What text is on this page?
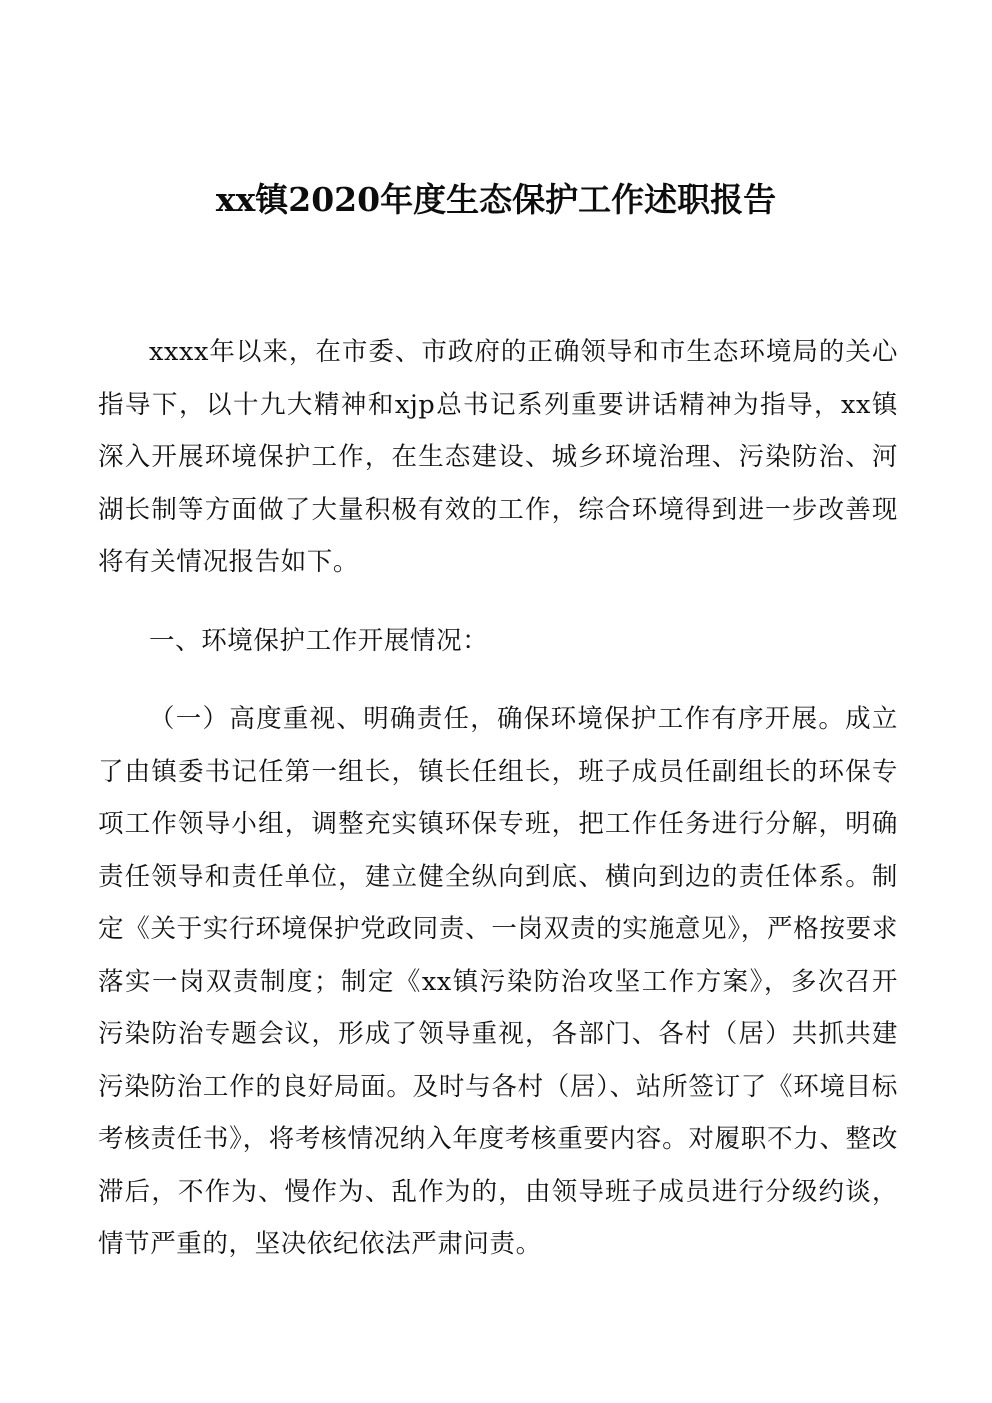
xx镇2020年度生态保护工作述职报告

xxxx年以来，在市委、市政府的正确领导和市生态环境局的关心指导下，以十九大精神和xjp总书记系列重要讲话精神为指导，xx镇深入开展环境保护工作，在生态建设、城乡环境治理、污染防治、河湖长制等方面做了大量积极有效的工作，综合环境得到进一步改善现将有关情况报告如下。

一、环境保护工作开展情况：

（一）高度重视、明确责任，确保环境保护工作有序开展。成立了由镇委书记任第一组长，镇长任组长，班子成员任副组长的环保专项工作领导小组，调整充实镇环保专班，把工作任务进行分解，明确责任领导和责任单位，建立健全纵向到底、横向到边的责任体系。制定《关于实行环境保护党政同责、一岗双责的实施意见》，严格按要求落实一岗双责制度；制定《xx镇污染防治攻坚工作方案》，多次召开污染防治专题会议，形成了领导重视，各部门、各村（居）共抓共建污染防治工作的良好局面。及时与各村（居）、站所签订了《环境目标考核责任书》，将考核情况纳入年度考核重要内容。对履职不力、整改滞后，不作为、慢作为、乱作为的，由领导班子成员进行分级约谈，情节严重的，坚决依纪依法严肃问责。
